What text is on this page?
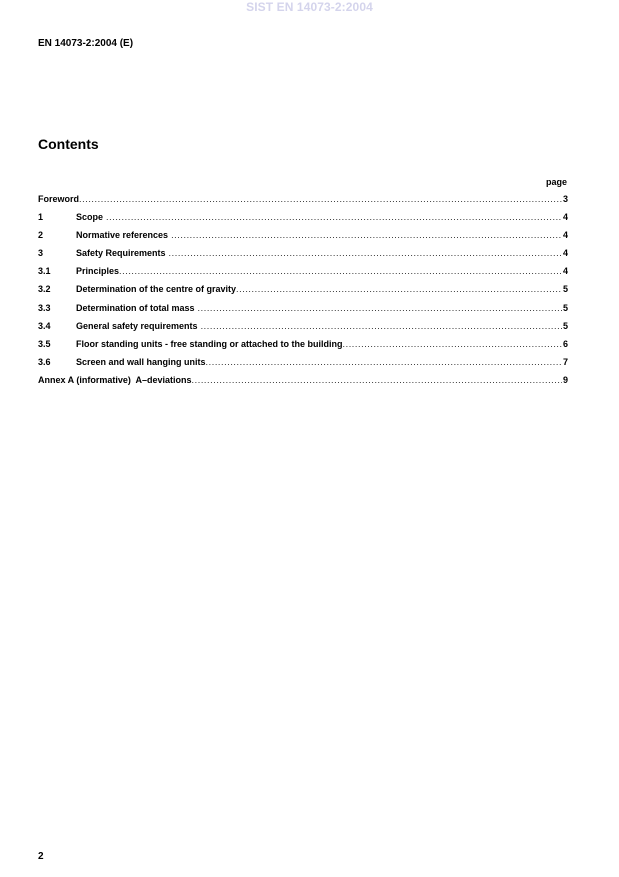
SIST EN 14073-2:2004
EN 14073-2:2004 (E)
Contents
page
Foreword .....	3
1	Scope .....	4
2	Normative references .....	4
3	Safety Requirements .....	4
3.1	Principles .....	4
3.2	Determination of the centre of gravity .....	5
3.3	Determination of total mass .....	5
3.4	General safety requirements .....	5
3.5	Floor standing units - free standing or attached to the building .....	6
3.6	Screen and wall hanging units .....	7
Annex A (informative)  A–deviations .....	9
2
